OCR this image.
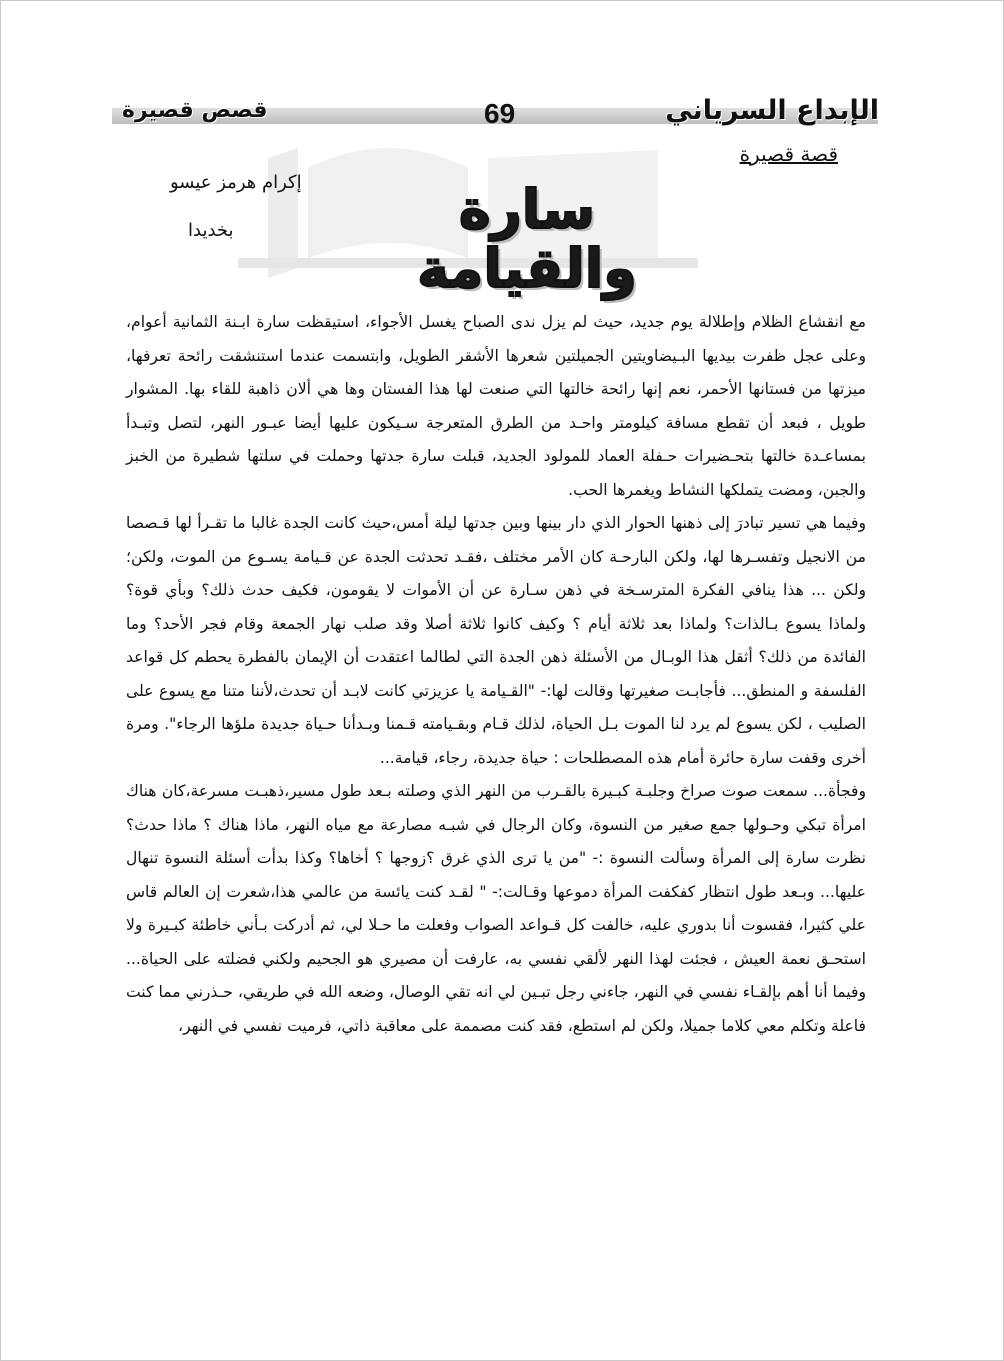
الإبداع السرياني
69
قصص قصيرة
قصة قصيرة
إكرام هرمز عيسو
بخديدا	سارة والقيامة

مع انقشاع الظلام وإطلالة يوم جديد، حيث لم يزل ندى الصباح يغسل الأجواء، استيقظت سارة ابـنة الثمانية أعوام، وعلى عجل ظفرت بيديها البـيضاويتين الجميلتين شعرها الأشقر الطويل، وابتسمت عندما استنشقت رائحة تعرفها، ميزتها من فستانها الأحمر، نعم إنها رائحة خالتها التي صنعت لها هذا الفستان وها هي ألان ذاهبة للقاء بها. المشوار طويل ، فبعد أن تقطع مسافة كيلومتر واحـد من الطرق المتعرجة سـيكون عليها أيضا عبـور النهر، لتصل وتبـدأ بمساعـدة خالتها بتحـضيرات حـفلة العماد للمولود الجديد، قبلت سارة جدتها وحملت في سلتها شطيرة من الخبز والجبن، ومضت يتملكها النشاط ويغمرها الحب.

وفيما هي تسير تبادرَ إلى ذهنها الحوار الذي دار بينها وبين جدتها ليلة أمس،حيث كانت الجدة غالبا ما تقـرأ لها قـصصا من الانجيل وتفسـرها لها، ولكن البارحـة كان الأمر مختلف ،فقـد تحدثت الجدة عن قـيامة يسـوع من الموت، ولكن؛ ولكن ... هذا ينافي الفكرة المترسـخة في ذهن سـارة عن أن الأموات لا يقومون، فكيف حدث ذلك؟ وبأي قوة؟ ولماذا يسوع بـالذات؟ ولماذا بعد ثلاثة أيام ؟ وكيف كانوا ثلاثة أصلا وقد صلب نهار الجمعة وقام فجر الأحد؟ وما الفائدة من ذلك؟ أثقل هذا الوبـال من الأسئلة ذهن الجدة التي لطالما اعتقدت أن الإيمان بالفطرة يحطم كل قواعد الفلسفة و المنطق... فأجابـت صغيرتها وقالت لها:- "القـيامة يا عزيزتي كانت لابـد أن تحدث،لأننا متنا مع يسوع على الصليب ، لكن يسوع لم يرد لنا الموت بـل الحياة، لذلك قـام وبقـيامته قـمنا وبـدأنا حـياة جديدة ملؤها الرجاء". ومرة أخرى وقفت سارة حائرة أمام هذه المصطلحات : حياة جديدة، رجاء، قيامة...

وفجأة... سمعت صوت صراخ وجلبـة كبـيرة بالقـرب من النهر الذي وصلته بـعد طول مسير،ذهبـت مسرعة،كان هناك امرأة تبكي وحـولها جمع صغير من النسوة، وكان الرجال في شبـه مصارعة مع مياه النهر، ماذا هناك ؟ ماذا حدث؟ نظرت سارة إلى المرأة وسألت النسوة :- "من يا ترى الذي غرق ؟زوجها ؟ أخاها؟ وكذا بدأت أسئلة النسوة تنهال عليها... وبـعد طول انتظار كفكفت المرأة دموعها وقـالت:- " لقـد كنت يائسة من عالمي هذا،شعرت إن العالم قاس علي كثيرا، فقسوت أنا بدوري عليه، خالفت كل قـواعد الصواب وفعلت ما حـلا لي، ثم أدركت بـأني خاطئة كبـيرة ولا استحـق نعمة العيش ، فجئت لهذا النهر لألقي نفسي به، عارفت أن مصيري هو الجحيم ولكني فضلته على الحياة... وفيما أنا أهم بإلقـاء نفسي في النهر، جاءني رجل تبـين لي انه تقي الوصال، وضعه الله في طريقي، حـذرني مما كنت فاعلة وتكلم معي كلاما جميلا، ولكن لم استطع، فقد كنت مصممة على معاقبة ذاتي، فرميت نفسي في النهر،
